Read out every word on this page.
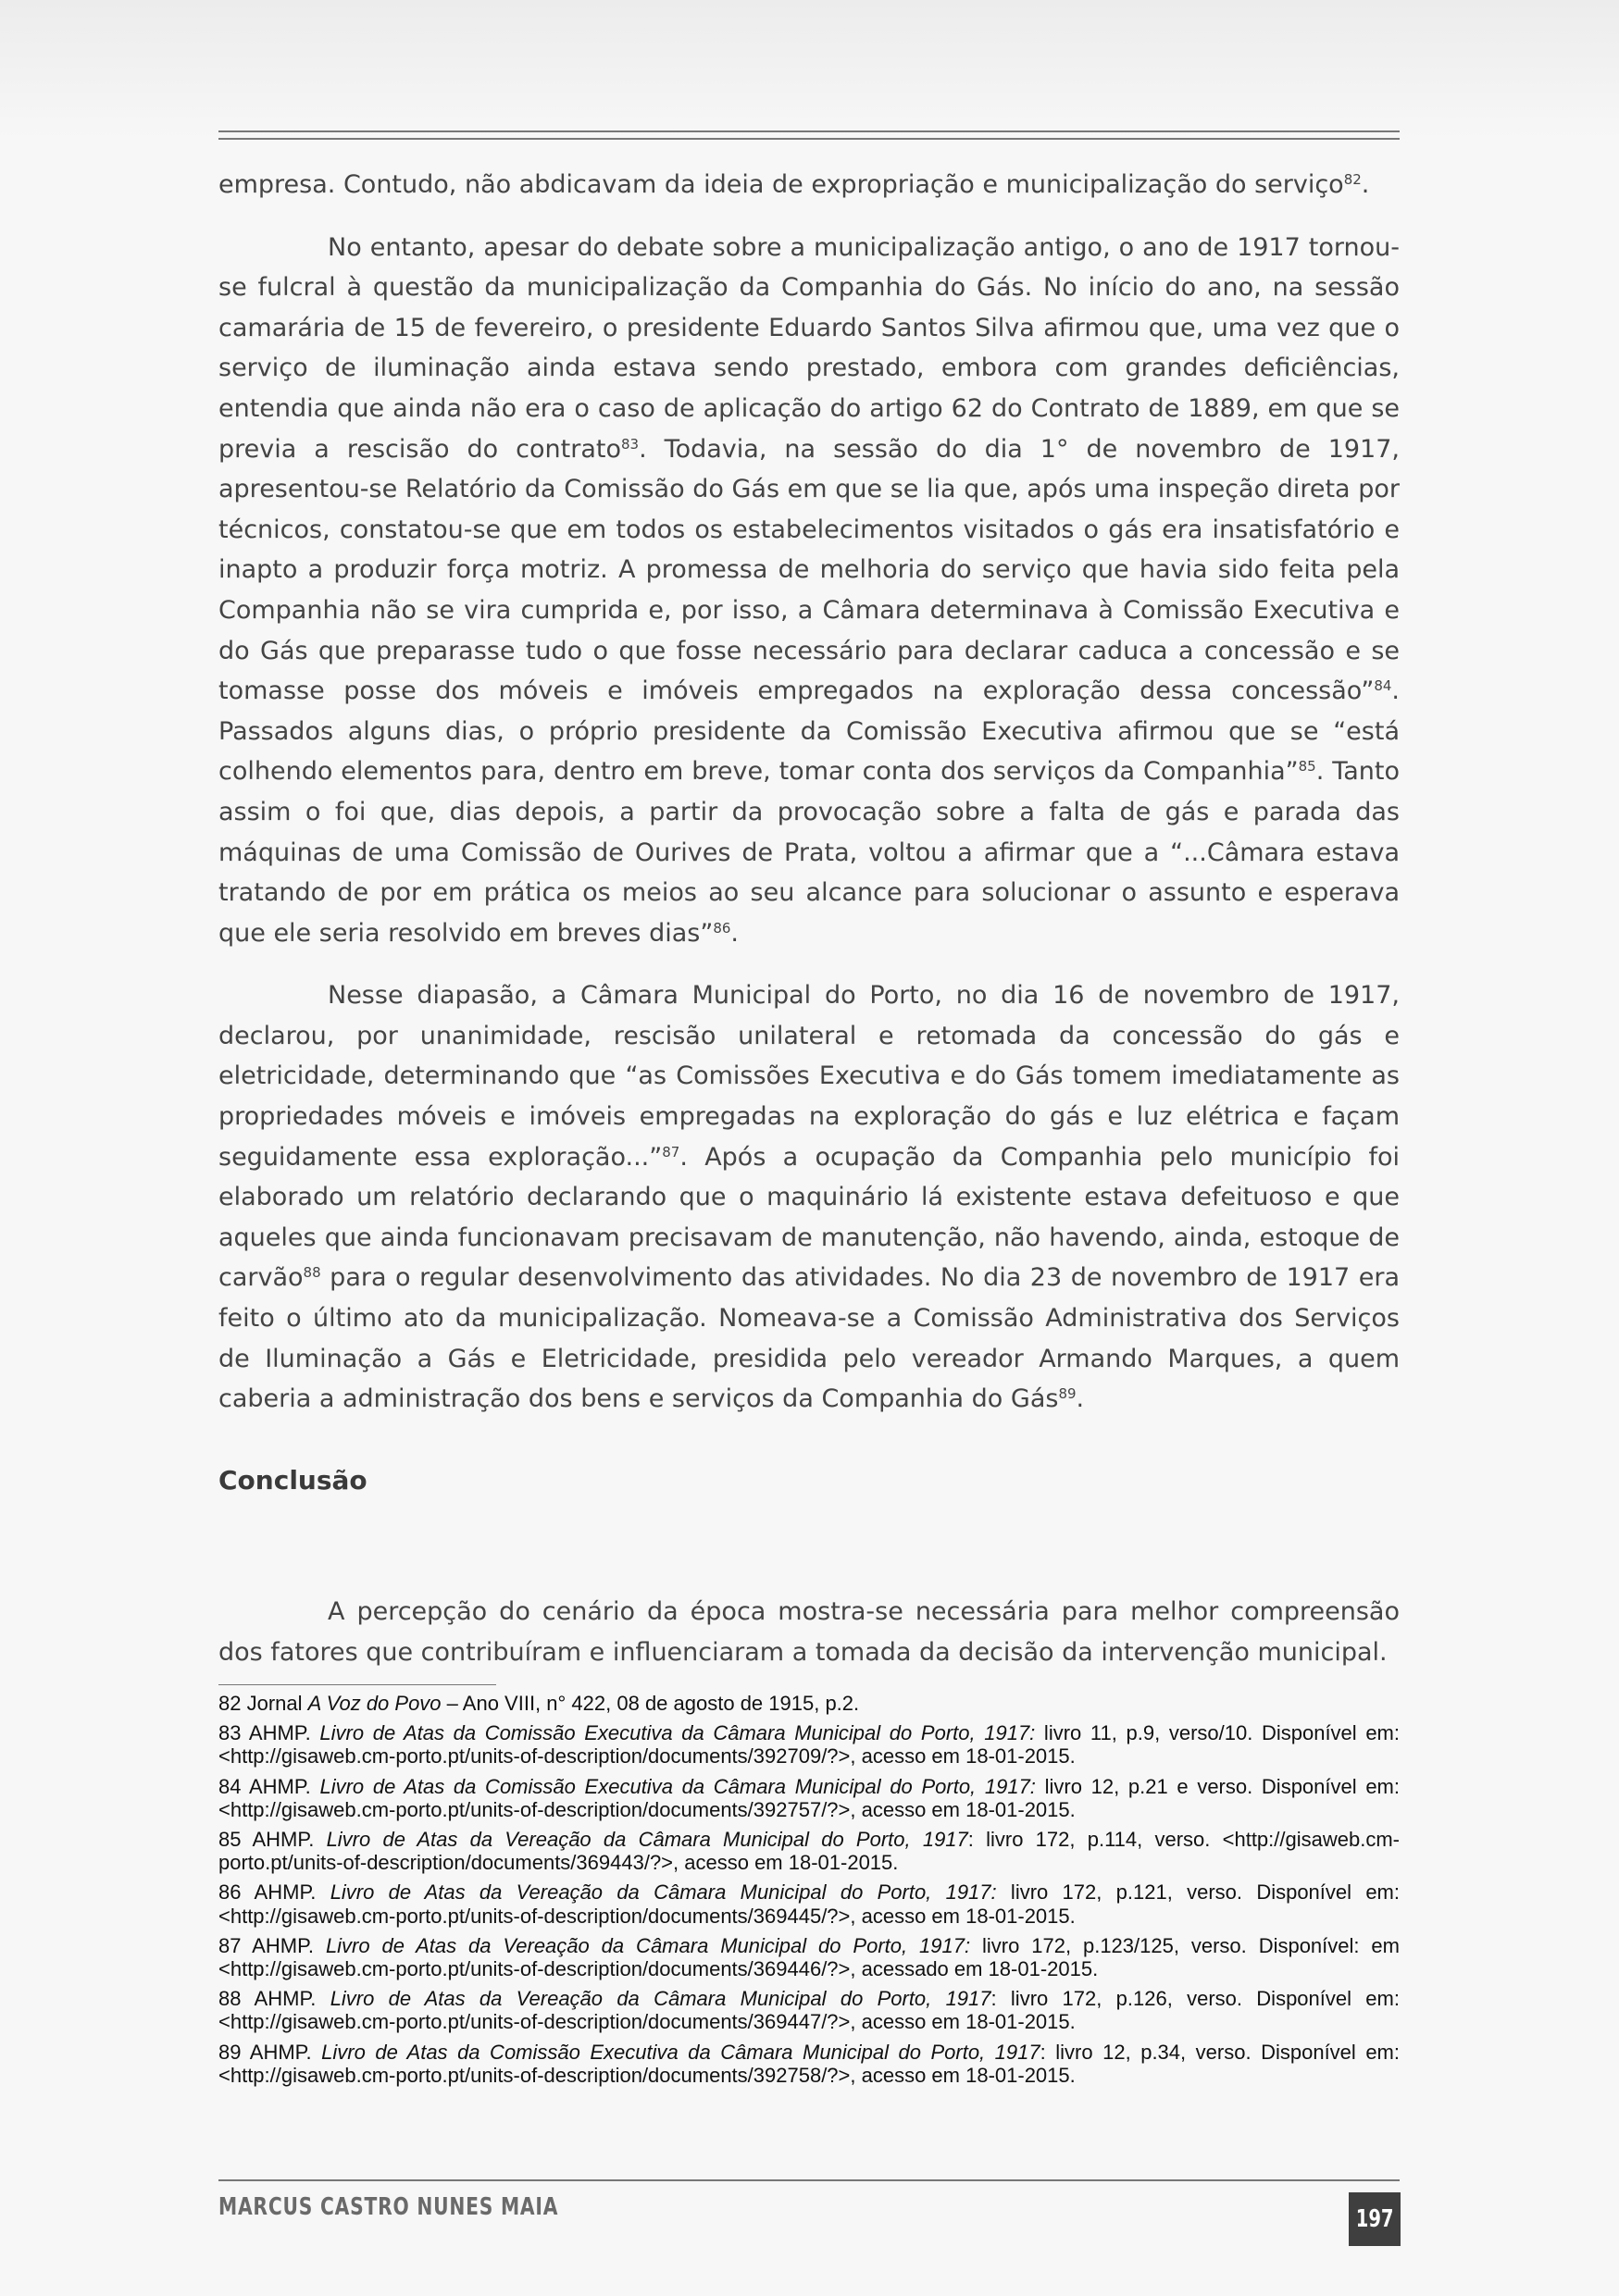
empresa. Contudo, não abdicavam da ideia de expropriação e municipalização do serviço$^{82}$.

No entanto, apesar do debate sobre a municipalização antigo, o ano de 1917 tornou-se fulcral à questão da municipalização da Companhia do Gás. No início do ano, na sessão camarária de 15 de fevereiro, o presidente Eduardo Santos Silva afirmou que, uma vez que o serviço de iluminação ainda estava sendo prestado, embora com grandes deficiências, entendia que ainda não era o caso de aplicação do artigo 62 do Contrato de 1889, em que se previa a rescisão do contrato$^{83}$. Todavia, na sessão do dia 1° de novembro de 1917, apresentou-se Relatório da Comissão do Gás em que se lia que, após uma inspeção direta por técnicos, constatou-se que em todos os estabelecimentos visitados o gás era insatisfatório e inapto a produzir força motriz. A promessa de melhoria do serviço que havia sido feita pela Companhia não se vira cumprida e, por isso, a Câmara determinava à Comissão Executiva e do Gás que preparasse tudo o que fosse necessário para declarar caduca a concessão e se tomasse posse dos móveis e imóveis empregados na exploração dessa concessão”$^{84}$. Passados alguns dias, o próprio presidente da Comissão Executiva afirmou que se “está colhendo elementos para, dentro em breve, tomar conta dos serviços da Companhia”$^{85}$. Tanto assim o foi que, dias depois, a partir da provocação sobre a falta de gás e parada das máquinas de uma Comissão de Ourives de Prata, voltou a afirmar que a “...Câmara estava tratando de por em prática os meios ao seu alcance para solucionar o assunto e esperava que ele seria resolvido em breves dias”$^{86}$.

Nesse diapasão, a Câmara Municipal do Porto, no dia 16 de novembro de 1917, declarou, por unanimidade, rescisão unilateral e retomada da concessão do gás e eletricidade, determinando que “as Comissões Executiva e do Gás tomem imediatamente as propriedades móveis e imóveis empregadas na exploração do gás e luz elétrica e façam seguidamente essa exploração...”$^{87}$. Após a ocupação da Companhia pelo município foi elaborado um relatório declarando que o maquinário lá existente estava defeituoso e que aqueles que ainda funcionavam precisavam de manutenção, não havendo, ainda, estoque de carvão$^{88}$ para o regular desenvolvimento das atividades. No dia 23 de novembro de 1917 era feito o último ato da municipalização. Nomeava-se a Comissão Administrativa dos Serviços de Iluminação a Gás e Eletricidade, presidida pelo vereador Armando Marques, a quem caberia a administração dos bens e serviços da Companhia do Gás$^{89}$.

Conclusão

A percepção do cenário da época mostra-se necessária para melhor compreensão dos fatores que contribuíram e influenciaram a tomada da decisão da intervenção municipal.

82 Jornal A Voz do Povo – Ano VIII, n° 422, 08 de agosto de 1915, p.2.
83 AHMP. Livro de Atas da Comissão Executiva da Câmara Municipal do Porto, 1917: livro 11, p.9, verso/10. Disponível em: <http://gisaweb.cm-porto.pt/units-of-description/documents/392709/?>, acesso em 18-01-2015.
84 AHMP. Livro de Atas da Comissão Executiva da Câmara Municipal do Porto, 1917: livro 12, p.21 e verso. Disponível em: <http://gisaweb.cm-porto.pt/units-of-description/documents/392757/?>, acesso em 18-01-2015.
85 AHMP. Livro de Atas da Vereação da Câmara Municipal do Porto, 1917: livro 172, p.114, verso. <http://gisaweb.cm-porto.pt/units-of-description/documents/369443/?>, acesso em 18-01-2015.
86 AHMP. Livro de Atas da Vereação da Câmara Municipal do Porto, 1917: livro 172, p.121, verso. Disponível em: <http://gisaweb.cm-porto.pt/units-of-description/documents/369445/?>, acesso em 18-01-2015.
87 AHMP. Livro de Atas da Vereação da Câmara Municipal do Porto, 1917: livro 172, p.123/125, verso. Disponível: em <http://gisaweb.cm-porto.pt/units-of-description/documents/369446/?>, acessado em 18-01-2015.
88 AHMP. Livro de Atas da Vereação da Câmara Municipal do Porto, 1917: livro 172, p.126, verso. Disponível em: <http://gisaweb.cm-porto.pt/units-of-description/documents/369447/?>, acesso em 18-01-2015.
89 AHMP. Livro de Atas da Comissão Executiva da Câmara Municipal do Porto, 1917: livro 12, p.34, verso. Disponível em: <http://gisaweb.cm-porto.pt/units-of-description/documents/392758/?>, acesso em 18-01-2015.
MARCUS CASTRO NUNES MAIA	197
